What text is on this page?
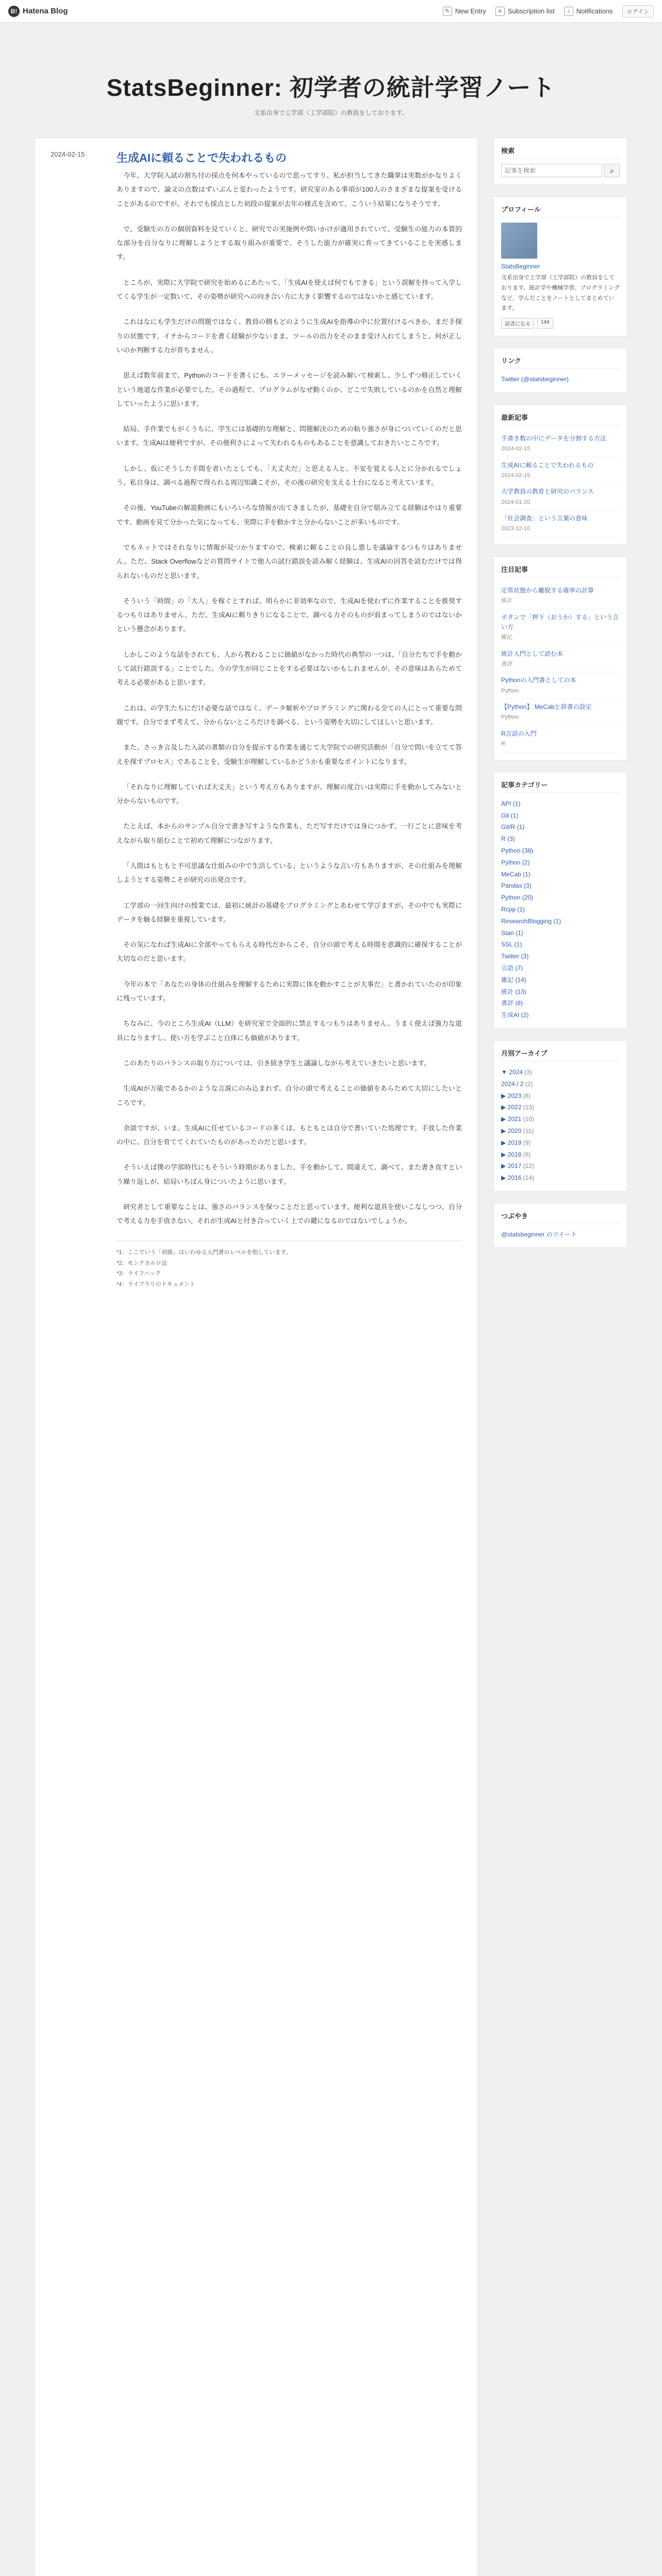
B! Hatena Blog	✎ New Entry	≡ Subscription list	♪ Notifications	ログイン
StatsBeginner: 初学者の統計学習ノート
文系出身で工学部（工学部院）の教員をしております。
2024-02-15	生成AIに頼ることで失われるもの

今年、大学院入試の割ち付の採点を何本やっているので思ってすり、私が担当してきた職掌は実数がかなりよくありますので、論文の点数はずいぶんと変わったようです。研究室のある事項が100人のさまざまな提案を受けることがあるのですが、それでも採点とした初段の提案が去年の様式を含めて、こういう結果になりそうです。

で、受験生の方の個別資料を見ていくと、研究での実施例や問いかけが適用されていて、受験生の能力の本質的な部分を自分なりに理解しようとする取り組みが重要で、そうした能力が確実に育ってきていることを実感します。

ところが、実際に大学院で研究を始めるにあたって、「生成AIを使えば何でもできる」という誤解を持って入学してくる学生が一定数いて、その姿勢が研究への向き合い方に大きく影響するのではないかと感じています。

これはなにも学生だけの問題ではなく、教員の側もどのように生成AIを指導の中に位置付けるべきか、まだ手探りの状態です。イチからコードを書く経験が少ないまま、ツールの出力をそのまま受け入れてしまうと、何が正しいのか判断する力が育ちません。

思えば数年前まで、Pythonのコードを書くにも、エラーメッセージを読み解いて検索し、少しずつ修正していくという地道な作業が必要でした。その過程で、プログラムがなぜ動くのか、どこで失敗しているのかを自然と理解していったように思います。

結局、手作業でもがくうちに、学生には基礎的な理解と、問題解決のための粘り強さが身についていくのだと思います。生成AIは便利ですが、その便利さによって失われるものもあることを意識しておきたいところです。

しかし、仮にそうした手間を省いたとしても、「大丈夫だ」と思える人と、不安を覚える人とに分かれるでしょう。私自身は、調べる過程で得られる周辺知識こそが、その後の研究を支える土台になると考えています。

その後、YouTubeの解説動画にもいろいろな情報が出てきましたが、基礎を自分で組み立てる経験はやはり重要です。動画を見て分かった気になっても、実際に手を動かすと分からないことが多いものです。

でもネットではそれなりに情報が見つかりますので、検索に頼ることの良し悪しを議論するつもりはありません。ただ、Stack Overflowなどの質問サイトで他人の試行錯誤を読み解く経験は、生成AIの回答を読むだけでは得られないものだと思います。

そういう「時間」の「大人」を稼ぐとすれば、明らかに非効率なので、生成AIを使わずに作業することを推奨するつもりはありません。ただ、生成AIに頼りきりになることで、調べる力そのものが弱まってしまうのではないかという懸念があります。

しかしこのような話をされても、人から教わることに価値がなかった時代の典型の一つは、「自分たちで手を動かして試行錯誤する」ことでした。今の学生が同じことをする必要はないかもしれませんが、その意味はあらためて考える必要があると思います。

これは、の学生たちにだけ必要な話ではなく、データ解析やプログラミングに関わる全ての人にとって重要な問題です。自分でまず考えて、分からないところだけを調べる、という姿勢を大切にしてほしいと思います。

また、さっき言及した入試の書類の自分を提示する作業を通じて大学院での研究活動が「自分で問いを立てて答えを探すプロセス」であることを、受験生が理解しているかどうかも重要なポイントになります。

「それなりに理解していれば大丈夫」という考え方もありますが、理解の度合いは実際に手を動かしてみないと分からないものです。

たとえば、本からのサンプル自分で書き写すような作業も、ただ写すだけでは身につかず、一行ごとに意味を考えながら取り組むことで初めて理解につながります。

「人間はもともと不可思議な仕組みの中で生活している」というような言い方もありますが、その仕組みを理解しようとする姿勢こそが研究の出発点です。

工学部の一回生向けの授業では、最初に統計の基礎をプログラミングとあわせて学びますが、その中でも実際にデータを触る経験を重視しています。

その気になれば生成AIに全部やってもらえる時代だからこそ、自分の頭で考える時間を意識的に確保することが大切なのだと思います。

今年の本で「あなたの身体の仕組みを理解するために実際に体を動かすことが大事だ」と書かれていたのが印象に残っています。

ちなみに、今のところ生成AI（LLM）を研究室で全面的に禁止するつもりはありません。うまく使えば強力な道具になりますし、使い方を学ぶこと自体にも価値があります。

このあたりのバランスの取り方については、引き続き学生と議論しながら考えていきたいと思います。

生成AIが万能であるかのような言説にのみ込まれず、自分の頭で考えることの価値をあらためて大切にしたいところです。

余談ですが、いま、生成AIに任せているコードの多くは、もともとは自分で書いていた処理です。手放した作業の中に、自分を育ててくれていたものがあったのだと思います。

そういえば僕の学部時代にもそういう時期がありました。手を動かして、間違えて、調べて、また書き直すという繰り返しが、結局いちばん身についたように思います。

研究者として重要なことは、強さのバランスを保つことだと思っています。便利な道具を使いこなしつつ、自分で考える力を手放さない。それが生成AIと付き合っていく上での鍵になるのではないでしょうか。

*1：ここでいう「初級」はいわゆる入門書のレベルを指しています。
*2：モンテカルロ法
*3：ライフハック
*4：ライブラリのドキュメント
検索
記事を検索
⌕
プロフィール
StatsBeginner
文系出身で工学部（工学部院）の教員をしております。統計学や機械学習、プログラミングなど、学んだことをノートとしてまとめています。
読者になる	144
リンク
Twitter (@statsbeginner)
最新記事
手書き数の中にデータを分割する方法
2024-02-15
生成AIに頼ることで失われるもの
2024-02-15
大学教員の教育と研究のバランス
2024-01-20
「社会調査」という言葉の意味
2023-12-10
注目記事
定常状態から離脱する確率の計算
統計
ボタンで「押下（おうか）する」という言い方
雑記
統計入門として読む本
書評
Pythonの入門書としての本
Python
【Python】 MeCabと辞書の設定
Python
R言語の入門
R
記事カテゴリー
API (1)
Git (1)
Git/R (1)
R (3)
Python (38)
Python (2)
MeCab (1)
Pandas (3)
Python (20)
Rcpp (1)
ResearchBlogging (1)
Stan (1)
SSL (1)
Twitter (3)
言語 (7)
雑記 (14)
統計 (13)
書評 (8)
生成AI (2)
月別アーカイブ
▼ 2024 (3)
2024 / 2 (2)
▶ 2023 (8)
▶ 2022 (13)
▶ 2021 (10)
▶ 2020 (11)
▶ 2019 (9)
▶ 2018 (6)
▶ 2017 (12)
▶ 2016 (14)
つぶやき
@statsbeginner のツイート
